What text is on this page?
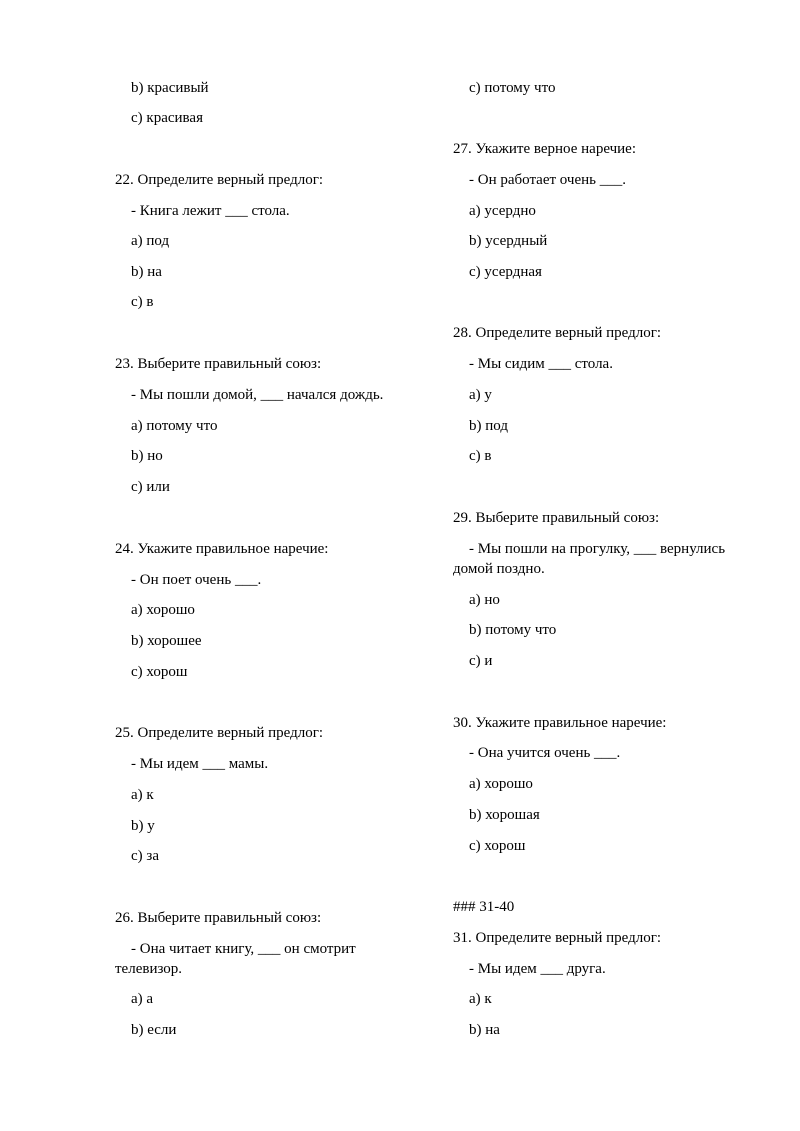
b) красивый
c) красивая
22. Определите верный предлог:
- Книга лежит ___ стола.
a) под
b) на
c) в
23. Выберите правильный союз:
- Мы пошли домой, ___ начался дождь.
a) потому что
b) но
c) или
24. Укажите правильное наречие:
- Он поет очень ___.
a) хорошо
b) хорошее
c) хорош
25. Определите верный предлог:
- Мы идем ___ мамы.
a) к
b) у
c) за
26. Выберите правильный союз:
- Она читает книгу, ___ он смотрит телевизор.
a) а
b) если
c) потому что
27. Укажите верное наречие:
- Он работает очень ___.
a) усердно
b) усердный
c) усердная
28. Определите верный предлог:
- Мы сидим ___ стола.
a) у
b) под
c) в
29. Выберите правильный союз:
- Мы пошли на прогулку, ___ вернулись домой поздно.
a) но
b) потому что
c) и
30. Укажите правильное наречие:
- Она учится очень ___.
a) хорошо
b) хорошая
c) хорош
### 31-40
31. Определите верный предлог:
- Мы идем ___ друга.
a) к
b) на
